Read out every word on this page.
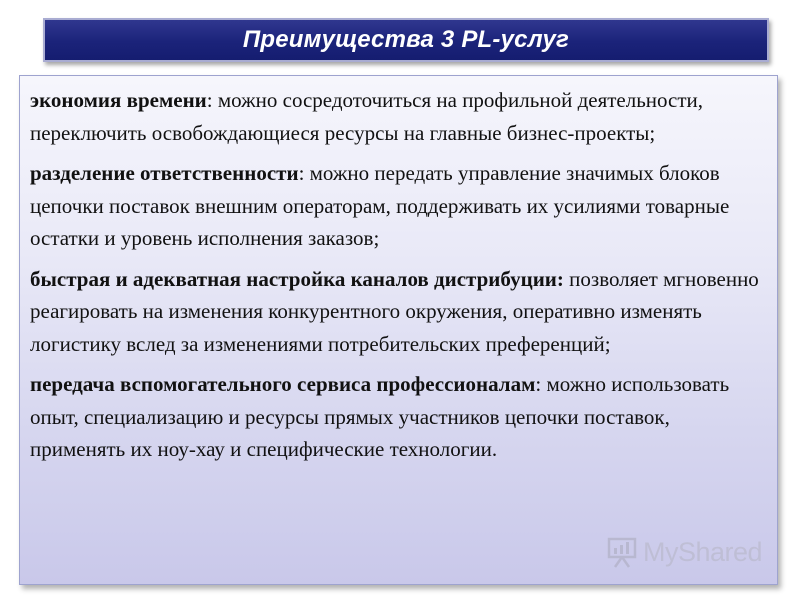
Преимущества 3 PL-услуг

экономия времени: можно сосредоточиться на профильной деятельности, переключить освобождающиеся ресурсы на главные бизнес-проекты;

разделение ответственности: можно передать управление значимых блоков цепочки поставок внешним операторам, поддерживать их усилиями товарные остатки и уровень исполнения заказов;

быстрая и адекватная настройка каналов дистрибуции: позволяет мгновенно реагировать на изменения конкурентного окружения, оперативно изменять логистику вслед за изменениями потребительских преференций;

передача вспомогательного сервиса профессионалам: можно использовать опыт, специализацию и ресурсы прямых участников цепочки поставок, применять их ноу-хау и специфические технологии.

MyShared
